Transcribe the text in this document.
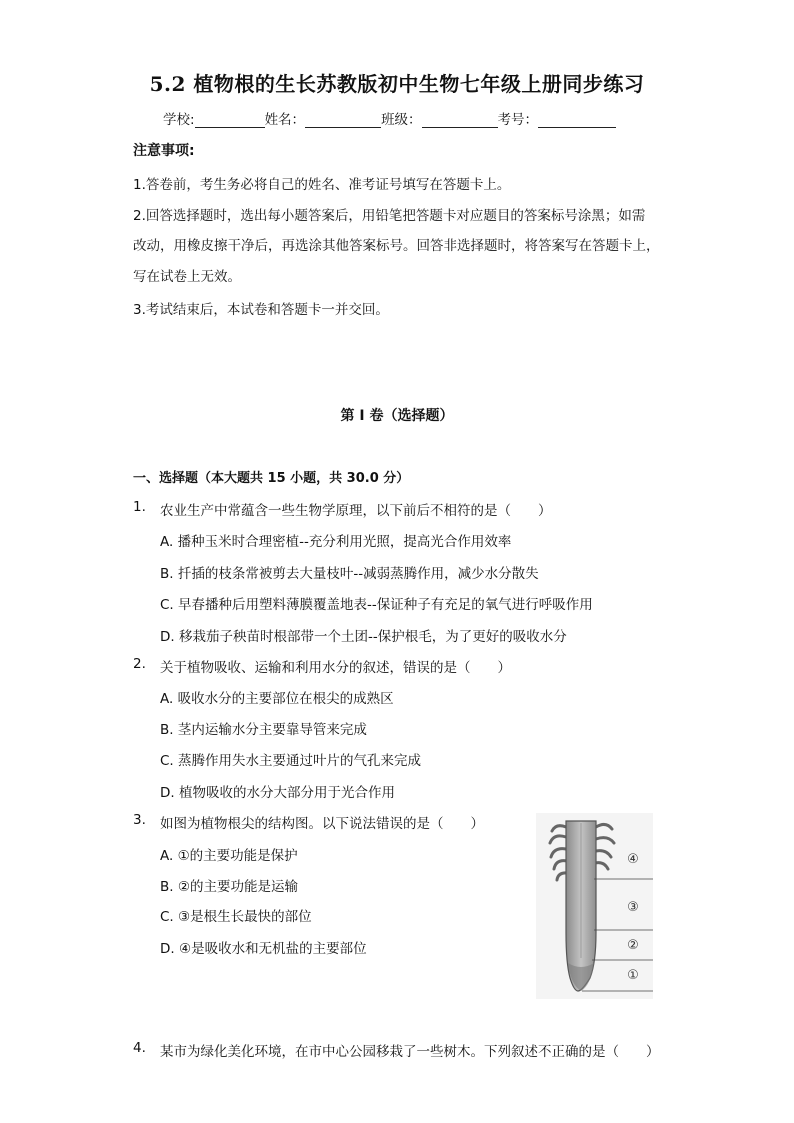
5.2 植物根的生长苏教版初中生物七年级上册同步练习
学校:	姓名：	班级：	考号：
注意事项:
1.答卷前，考生务必将自己的姓名、准考证号填写在答题卡上。
2.回答选择题时，选出每小题答案后，用铅笔把答题卡对应题目的答案标号涂黑；如需
改动，用橡皮擦干净后，再选涂其他答案标号。回答非选择题时，将答案写在答题卡上，
写在试卷上无效。
3.考试结束后，本试卷和答题卡一并交回。
第 I 卷（选择题）
一、选择题（本大题共 15 小题，共 30.0 分）
1. 农业生产中常蕴含一些生物学原理，以下前后不相符的是（　　）
A. 播种玉米时合理密植--充分利用光照，提高光合作用效率
B. 扦插的枝条常被剪去大量枝叶--减弱蒸腾作用，减少水分散失
C. 早春播种后用塑料薄膜覆盖地表--保证种子有充足的氧气进行呼吸作用
D. 移栽茄子秧苗时根部带一个土团--保护根毛，为了更好的吸收水分
2. 关于植物吸收、运输和利用水分的叙述，错误的是（　　）
A. 吸收水分的主要部位在根尖的成熟区
B. 茎内运输水分主要靠导管来完成
C. 蒸腾作用失水主要通过叶片的气孔来完成
D. 植物吸收的水分大部分用于光合作用
3. 如图为植物根尖的结构图。以下说法错误的是（　　）
A. ①的主要功能是保护
B. ②的主要功能是运输
C. ③是根生长最快的部位
D. ④是吸收水和无机盐的主要部位
④
③
②
①
4. 某市为绿化美化环境，在市中心公园移栽了一些树木。下列叙述不正确的是（　　）
